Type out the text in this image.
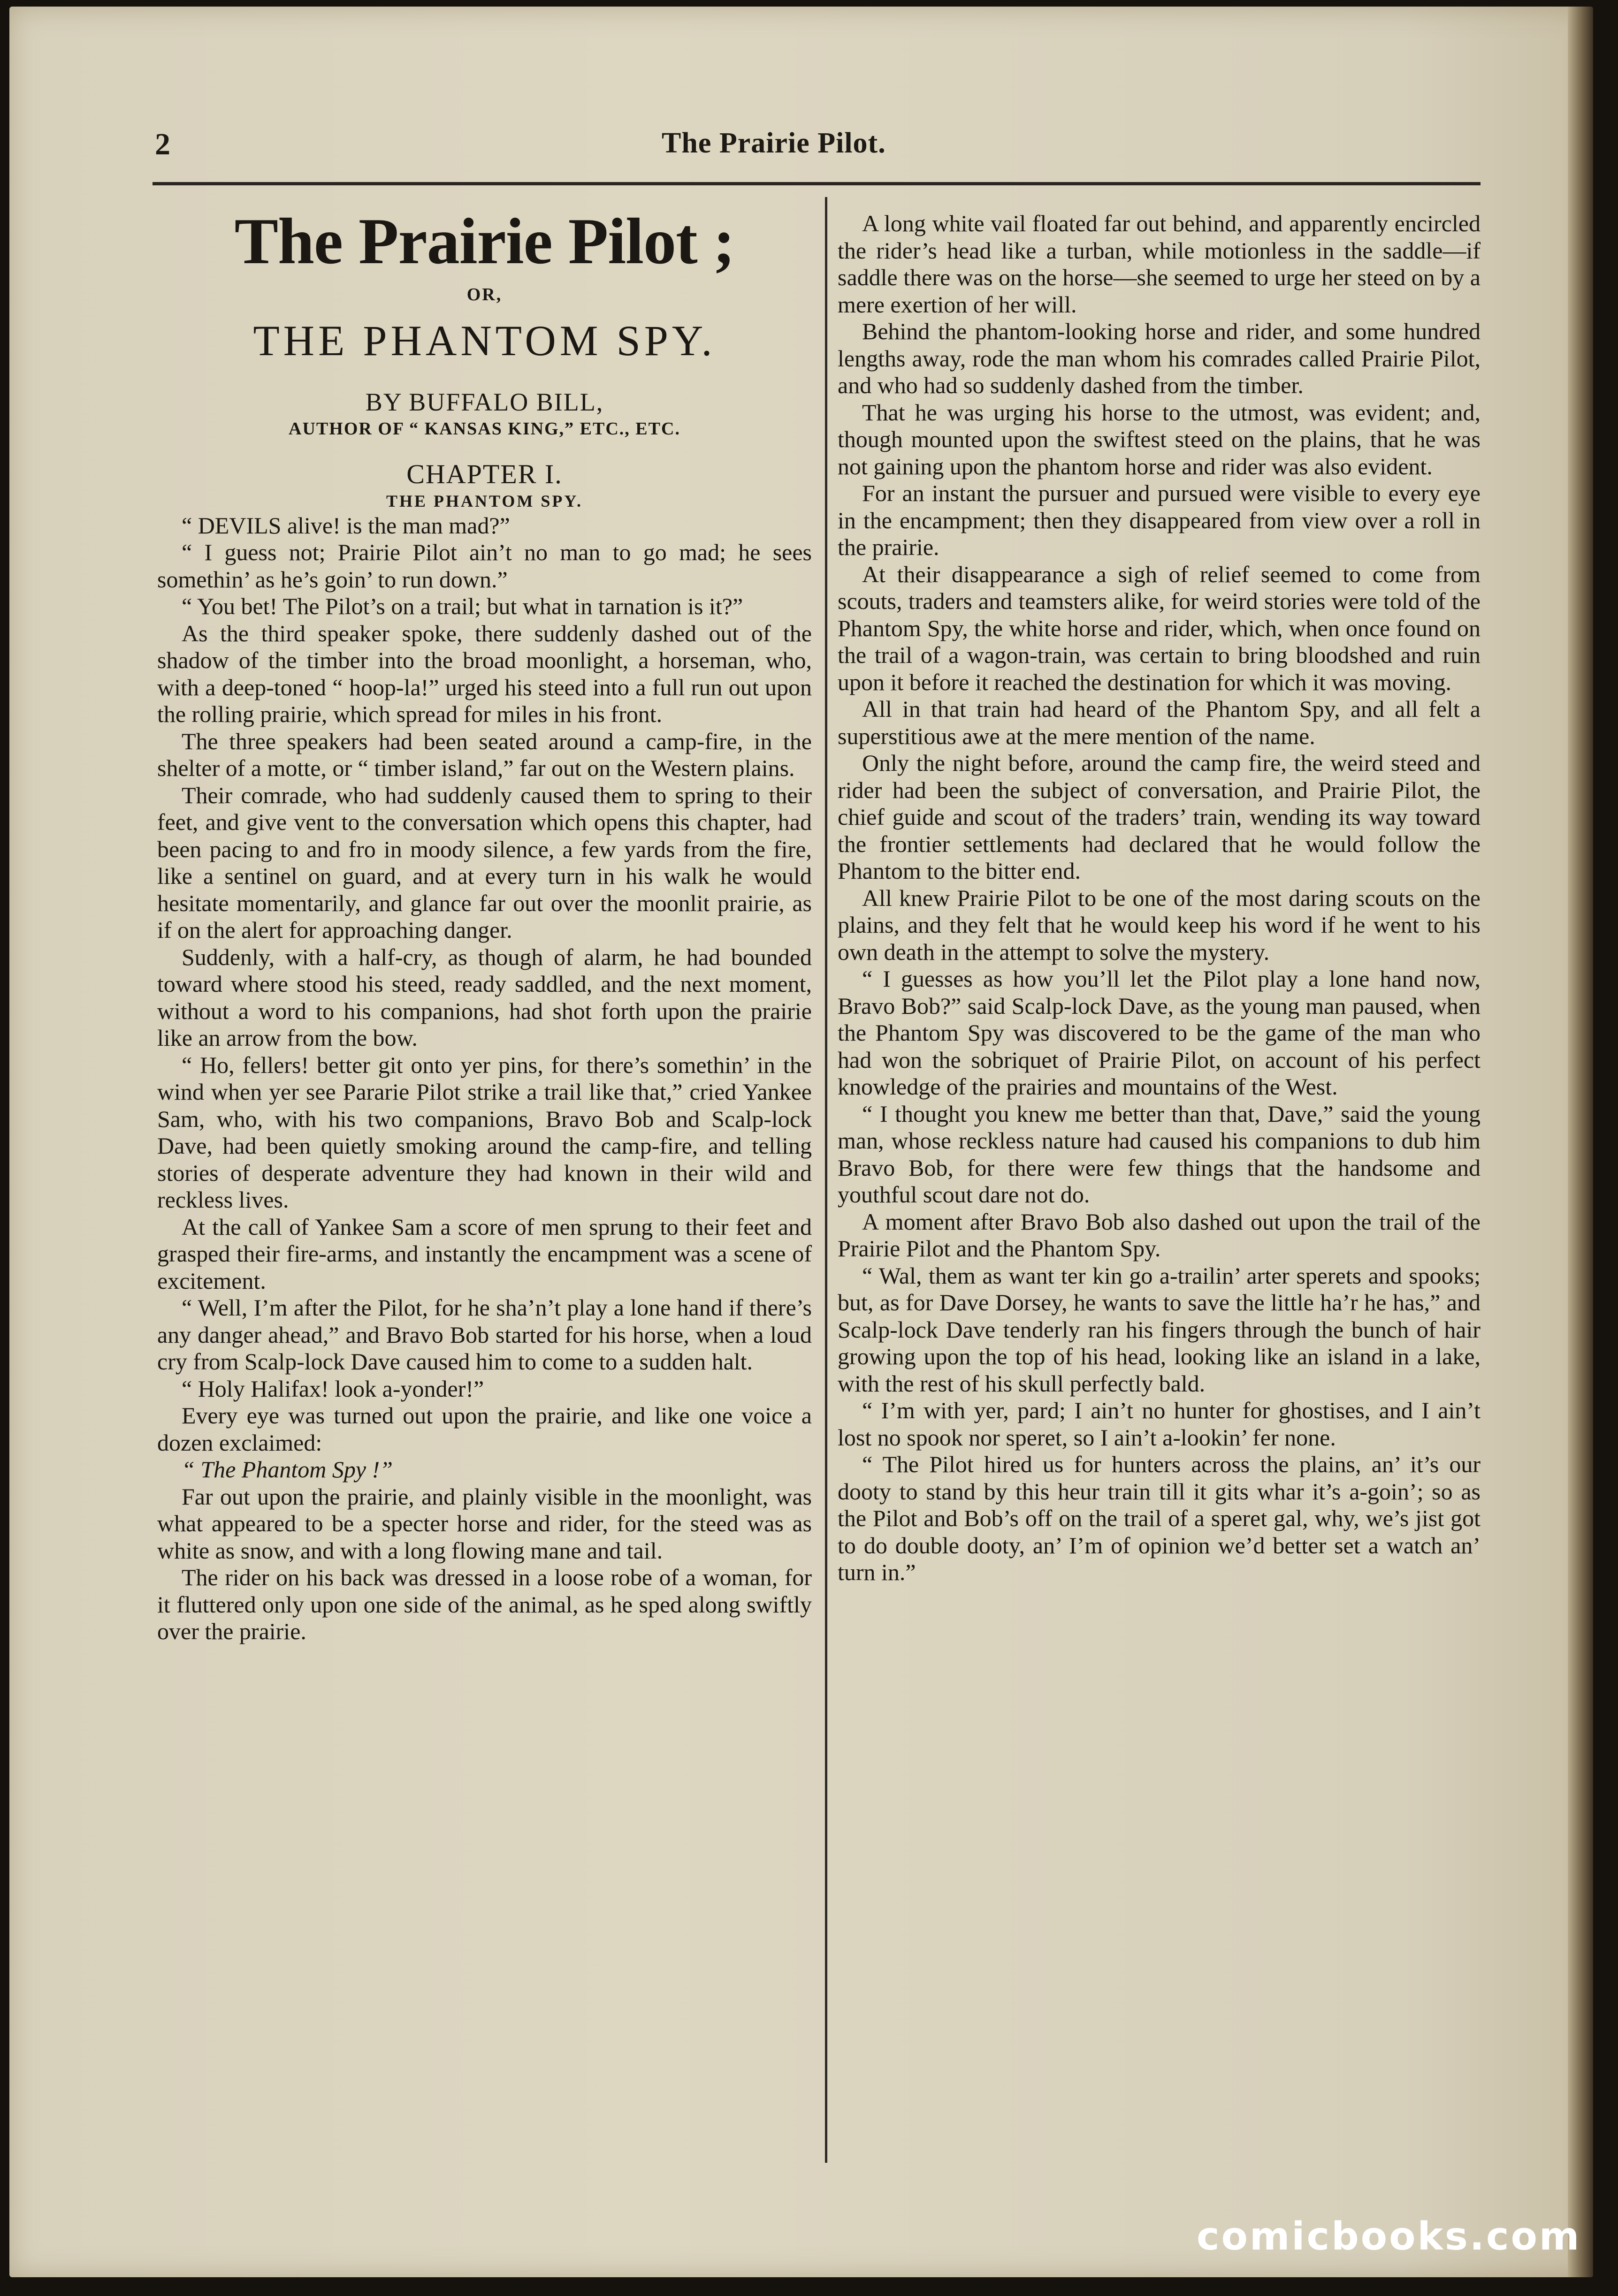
2	The Prairie Pilot.
The Prairie Pilot ;
OR,
THE PHANTOM SPY.
BY BUFFALO BILL,
AUTHOR OF “ KANSAS KING,” ETC., ETC.
CHAPTER I.
THE PHANTOM SPY.

“ DEVILS alive! is the man mad?”

“ I guess not; Prairie Pilot ain’t no man to go mad; he sees somethin’ as he’s goin’ to run down.”

“ You bet! The Pilot’s on a trail; but what in tarnation is it?”

As the third speaker spoke, there suddenly dashed out of the shadow of the timber into the broad moonlight, a horseman, who, with a deep-toned “ hoop-la!” urged his steed into a full run out upon the rolling prairie, which spread for miles in his front.

The three speakers had been seated around a camp-fire, in the shelter of a motte, or “ timber island,” far out on the Western plains.

Their comrade, who had suddenly caused them to spring to their feet, and give vent to the conversation which opens this chapter, had been pacing to and fro in moody silence, a few yards from the fire, like a sentinel on guard, and at every turn in his walk he would hesitate momentarily, and glance far out over the moonlit prairie, as if on the alert for approaching danger.

Suddenly, with a half-cry, as though of alarm, he had bounded toward where stood his steed, ready saddled, and the next moment, without a word to his companions, had shot forth upon the prairie like an arrow from the bow.

“ Ho, fellers! better git onto yer pins, for there’s somethin’ in the wind when yer see Pararie Pilot strike a trail like that,” cried Yankee Sam, who, with his two companions, Bravo Bob and Scalp-lock Dave, had been quietly smoking around the camp-fire, and telling stories of desperate adventure they had known in their wild and reckless lives.

At the call of Yankee Sam a score of men sprung to their feet and grasped their fire-arms, and instantly the encampment was a scene of excitement.

“ Well, I’m after the Pilot, for he sha’n’t play a lone hand if there’s any danger ahead,” and Bravo Bob started for his horse, when a loud cry from Scalp-lock Dave caused him to come to a sudden halt.

“ Holy Halifax! look a-yonder!”

Every eye was turned out upon the prairie, and like one voice a dozen exclaimed:

“ The Phantom Spy !”

Far out upon the prairie, and plainly visible in the moonlight, was what appeared to be a specter horse and rider, for the steed was as white as snow, and with a long flowing mane and tail.

The rider on his back was dressed in a loose robe of a woman, for it fluttered only upon one side of the animal, as he sped along swiftly over the prairie.

A long white vail floated far out behind, and apparently encircled the rider’s head like a turban, while motionless in the saddle—if saddle there was on the horse—she seemed to urge her steed on by a mere exertion of her will.

Behind the phantom-looking horse and rider, and some hundred lengths away, rode the man whom his comrades called Prairie Pilot, and who had so suddenly dashed from the timber.

That he was urging his horse to the utmost, was evident; and, though mounted upon the swiftest steed on the plains, that he was not gaining upon the phantom horse and rider was also evident.

For an instant the pursuer and pursued were visible to every eye in the encampment; then they disappeared from view over a roll in the prairie.

At their disappearance a sigh of relief seemed to come from scouts, traders and teamsters alike, for weird stories were told of the Phantom Spy, the white horse and rider, which, when once found on the trail of a wagon-train, was certain to bring bloodshed and ruin upon it before it reached the destination for which it was moving.

All in that train had heard of the Phantom Spy, and all felt a superstitious awe at the mere mention of the name.

Only the night before, around the camp fire, the weird steed and rider had been the subject of conversation, and Prairie Pilot, the chief guide and scout of the traders’ train, wending its way toward the frontier settlements had declared that he would follow the Phantom to the bitter end.

All knew Prairie Pilot to be one of the most daring scouts on the plains, and they felt that he would keep his word if he went to his own death in the attempt to solve the mystery.

“ I guesses as how you’ll let the Pilot play a lone hand now, Bravo Bob?” said Scalp-lock Dave, as the young man paused, when the Phantom Spy was discovered to be the game of the man who had won the sobriquet of Prairie Pilot, on account of his perfect knowledge of the prairies and mountains of the West.

“ I thought you knew me better than that, Dave,” said the young man, whose reckless nature had caused his companions to dub him Bravo Bob, for there were few things that the handsome and youthful scout dare not do.

A moment after Bravo Bob also dashed out upon the trail of the Prairie Pilot and the Phantom Spy.

“ Wal, them as want ter kin go a-trailin’ arter sperets and spooks; but, as for Dave Dorsey, he wants to save the little ha’r he has,” and Scalp-lock Dave tenderly ran his fingers through the bunch of hair growing upon the top of his head, looking like an island in a lake, with the rest of his skull perfectly bald.

“ I’m with yer, pard; I ain’t no hunter for ghostises, and I ain’t lost no spook nor speret, so I ain’t a-lookin’ fer none.

“ The Pilot hired us for hunters across the plains, an’ it’s our dooty to stand by this heur train till it gits whar it’s a-goin’; so as the Pilot and Bob’s off on the trail of a speret gal, why, we’s jist got to do double dooty, an’ I’m of opinion we’d better set a watch an’ turn in.”

comicbooks.com
